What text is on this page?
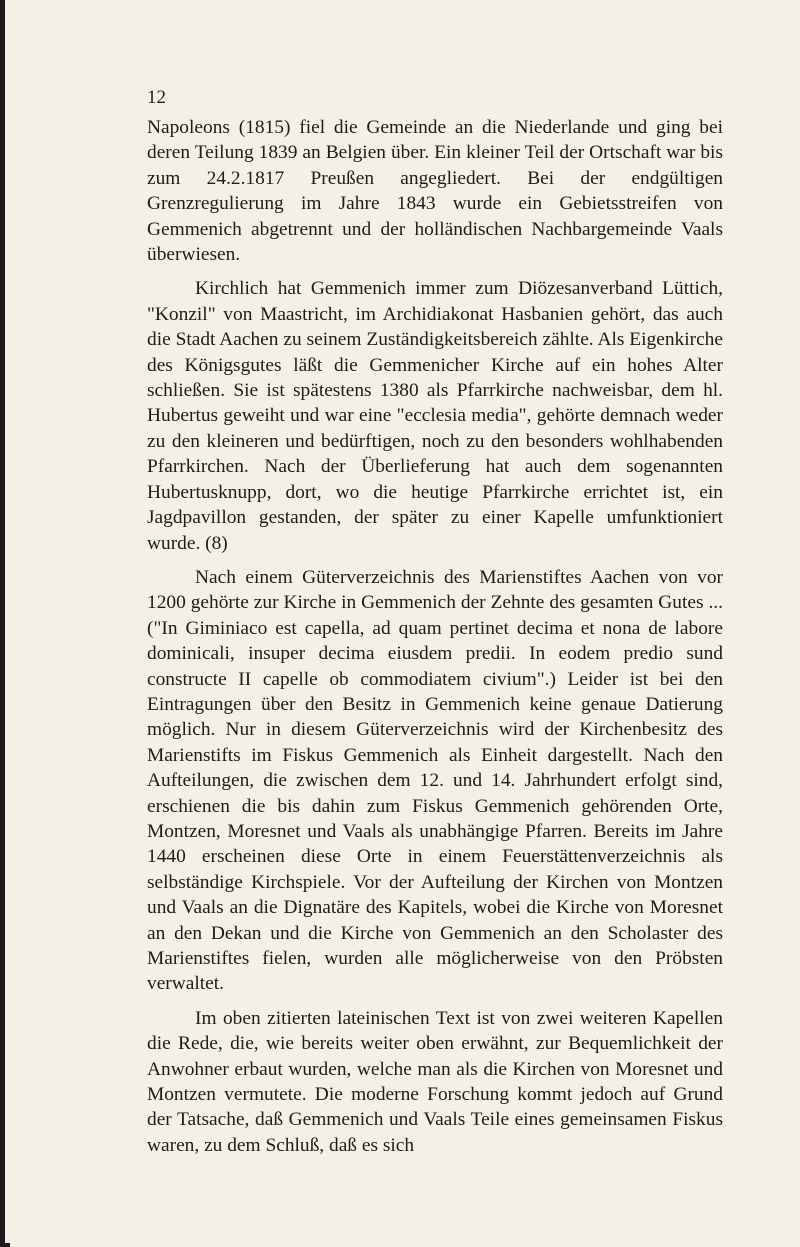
12

Napoleons (1815) fiel die Gemeinde an die Niederlande und ging bei deren Teilung 1839 an Belgien über. Ein kleiner Teil der Ortschaft war bis zum 24.2.1817 Preußen angegliedert. Bei der endgültigen Grenzregulierung im Jahre 1843 wurde ein Gebietsstreifen von Gemmenich abgetrennt und der holländischen Nachbargemeinde Vaals überwiesen.

Kirchlich hat Gemmenich immer zum Diözesanverband Lüttich, "Konzil" von Maastricht, im Archidiakonat Hasbanien gehört, das auch die Stadt Aachen zu seinem Zuständigkeitsbereich zählte. Als Eigenkirche des Königsgutes läßt die Gemmenicher Kirche auf ein hohes Alter schließen. Sie ist spätestens 1380 als Pfarrkirche nachweisbar, dem hl. Hubertus geweiht und war eine "ecclesia media", gehörte demnach weder zu den kleineren und bedürftigen, noch zu den besonders wohlhabenden Pfarrkirchen. Nach der Überlieferung hat auch dem sogenannten Hubertusknupp, dort, wo die heutige Pfarrkirche errichtet ist, ein Jagdpavillon gestanden, der später zu einer Kapelle umfunktioniert wurde. (8)

Nach einem Güterverzeichnis des Marienstiftes Aachen von vor 1200 gehörte zur Kirche in Gemmenich der Zehnte des gesamten Gutes ... ("In Giminiaco est capella, ad quam pertinet decima et nona de labore dominicali, insuper decima eiusdem predii. In eodem predio sund constructe II capelle ob commodiatem civium".) Leider ist bei den Eintragungen über den Besitz in Gemmenich keine genaue Datierung möglich. Nur in diesem Güterverzeichnis wird der Kirchenbesitz des Marienstifts im Fiskus Gemmenich als Einheit dargestellt. Nach den Aufteilungen, die zwischen dem 12. und 14. Jahrhundert erfolgt sind, erschienen die bis dahin zum Fiskus Gemmenich gehörenden Orte, Montzen, Moresnet und Vaals als unabhängige Pfarren. Bereits im Jahre 1440 erscheinen diese Orte in einem Feuerstättenverzeichnis als selbständige Kirchspiele. Vor der Aufteilung der Kirchen von Montzen und Vaals an die Dignatäre des Kapitels, wobei die Kirche von Moresnet an den Dekan und die Kirche von Gemmenich an den Scholaster des Marienstiftes fielen, wurden alle möglicherweise von den Pröbsten verwaltet.

Im oben zitierten lateinischen Text ist von zwei weiteren Kapellen die Rede, die, wie bereits weiter oben erwähnt, zur Bequemlichkeit der Anwohner erbaut wurden, welche man als die Kirchen von Moresnet und Montzen vermutete. Die moderne Forschung kommt jedoch auf Grund der Tatsache, daß Gemmenich und Vaals Teile eines gemeinsamen Fiskus waren, zu dem Schluß, daß es sich
